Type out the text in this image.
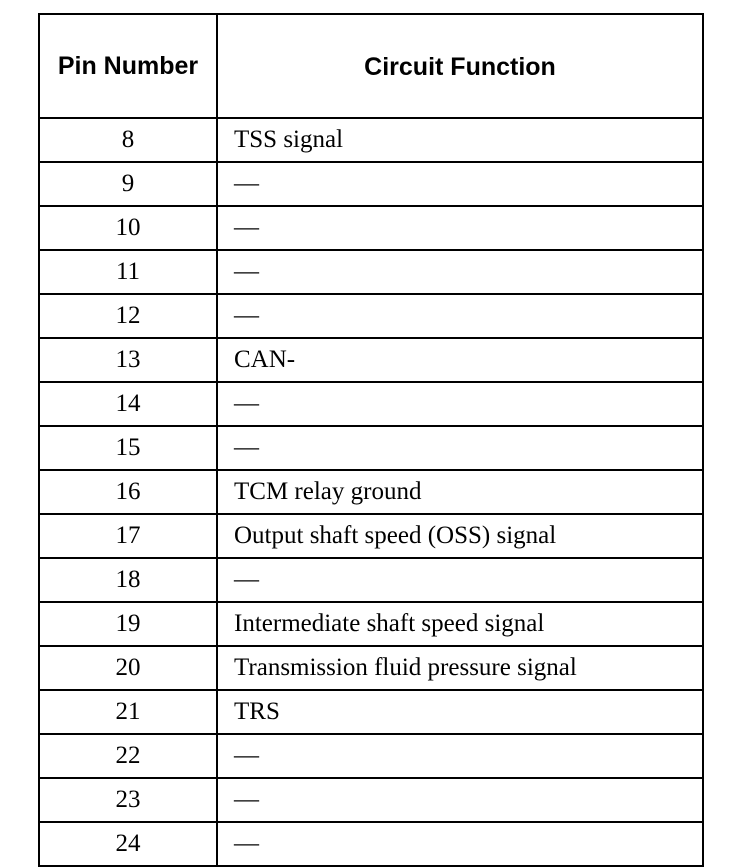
Pin Number	Circuit Function

8	TSS signal
9	—
10	—
11	—
12	—
13	CAN-
14	—
15	—
16	TCM relay ground
17	Output shaft speed (OSS) signal
18	—
19	Intermediate shaft speed signal
20	Transmission fluid pressure signal
21	TRS
22	—
23	—
24	—
